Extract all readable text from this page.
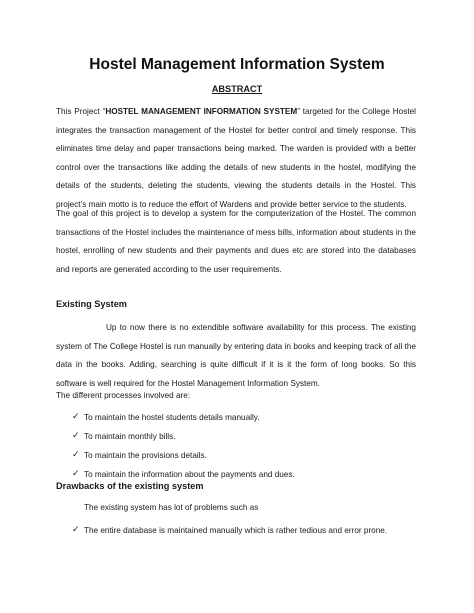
Hostel Management Information System
ABSTRACT

This Project “HOSTEL MANAGEMENT INFORMATION SYSTEM” targeted for the College Hostel integrates the transaction management of the Hostel for better control and timely response. This eliminates time delay and paper transactions being marked. The warden is provided with a better control over the transactions like adding the details of new students in the hostel, modifying the details of the students, deleting the students, viewing the students details in the Hostel. This project’s main motto is to reduce the effort of Wardens and provide better service to the students.

The goal of this project is to develop a system for the computerization of the Hostel. The common transactions of the Hostel includes the maintenance of mess bills, information about students in the hostel, enrolling of new students and their payments and dues etc are stored into the databases and reports are generated according to the user requirements.

Existing System

Up to now there is no extendible software availability for this process. The existing system of The College Hostel is run manually by entering data in books and keeping track of all the data in the books. Adding, searching is quite difficult if it is it the form of long books. So this software is well required for the Hostel Management Information System.

The different processes involved are:
✓ To maintain the hostel students details manually.
✓ To maintain monthly bills.
✓ To maintain the provisions details.
✓ To maintain the information about the payments and dues.
Drawbacks of the existing system
The existing system has lot of problems such as
✓ The entire database is maintained manually which is rather tedious and error prone.
